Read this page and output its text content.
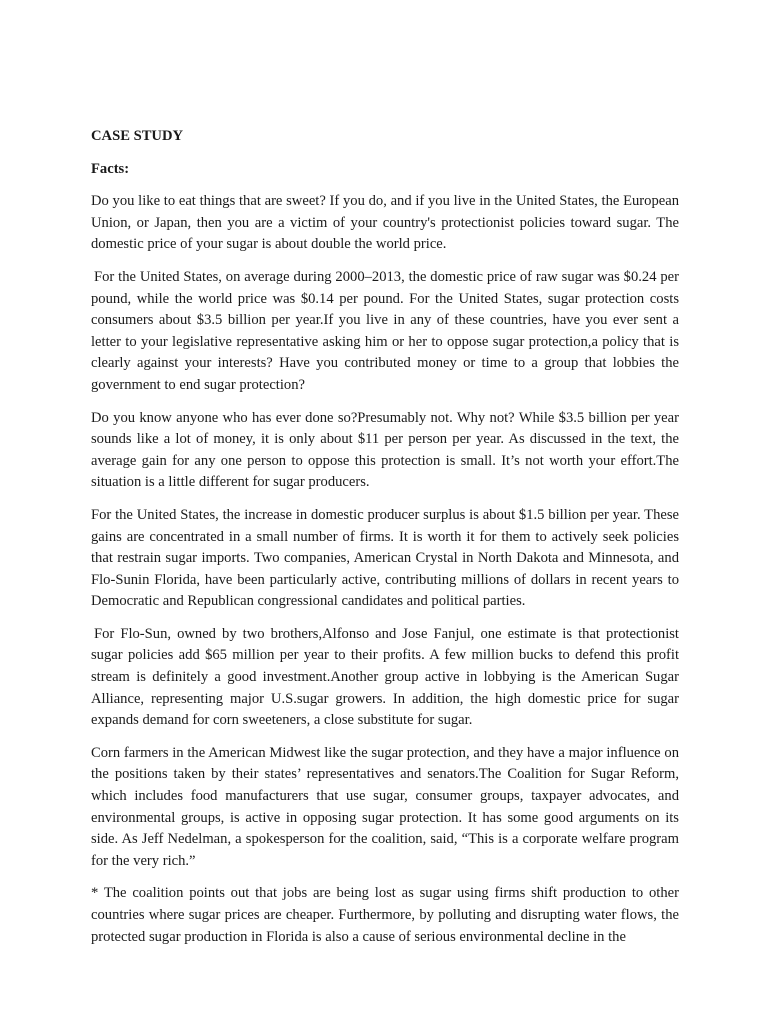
CASE STUDY
Facts:

Do you like to eat things that are sweet? If you do, and if you live in the United States, the European Union, or Japan, then you are a victim of your country's protectionist policies toward sugar. The domestic price of your sugar is about double the world price.

For the United States, on average during 2000–2013, the domestic price of raw sugar was $0.24 per pound, while the world price was $0.14 per pound. For the United States, sugar protection costs consumers about $3.5 billion per year.If you live in any of these countries, have you ever sent a letter to your legislative representative asking him or her to oppose sugar protection,a policy that is clearly against your interests? Have you contributed money or time to a group that lobbies the government to end sugar protection?

Do you know anyone who has ever done so?Presumably not. Why not? While $3.5 billion per year sounds like a lot of money, it is only about $11 per person per year. As discussed in the text, the average gain for any one person to oppose this protection is small. It’s not worth your effort.The situation is a little different for sugar producers.

For the United States, the increase in domestic producer surplus is about $1.5 billion per year. These gains are concentrated in a small number of firms. It is worth it for them to actively seek policies that restrain sugar imports. Two companies, American Crystal in North Dakota and Minnesota, and Flo-Sunin Florida, have been particularly active, contributing millions of dollars in recent years to Democratic and Republican congressional candidates and political parties.

For Flo-Sun, owned by two brothers,Alfonso and Jose Fanjul, one estimate is that protectionist sugar policies add $65 million per year to their profits. A few million bucks to defend this profit stream is definitely a good investment.Another group active in lobbying is the American Sugar Alliance, representing major U.S.sugar growers. In addition, the high domestic price for sugar expands demand for corn sweeteners, a close substitute for sugar.

Corn farmers in the American Midwest like the sugar protection, and they have a major influence on the positions taken by their states’ representatives and senators.The Coalition for Sugar Reform, which includes food manufacturers that use sugar, consumer groups, taxpayer advocates, and environmental groups, is active in opposing sugar protection. It has some good arguments on its side. As Jeff Nedelman, a spokesperson for the coalition, said, “This is a corporate welfare program for the very rich.”

* The coalition points out that jobs are being lost as sugar using firms shift production to other countries where sugar prices are cheaper. Furthermore, by polluting and disrupting water flows, the protected sugar production in Florida is also a cause of serious environmental decline in the
